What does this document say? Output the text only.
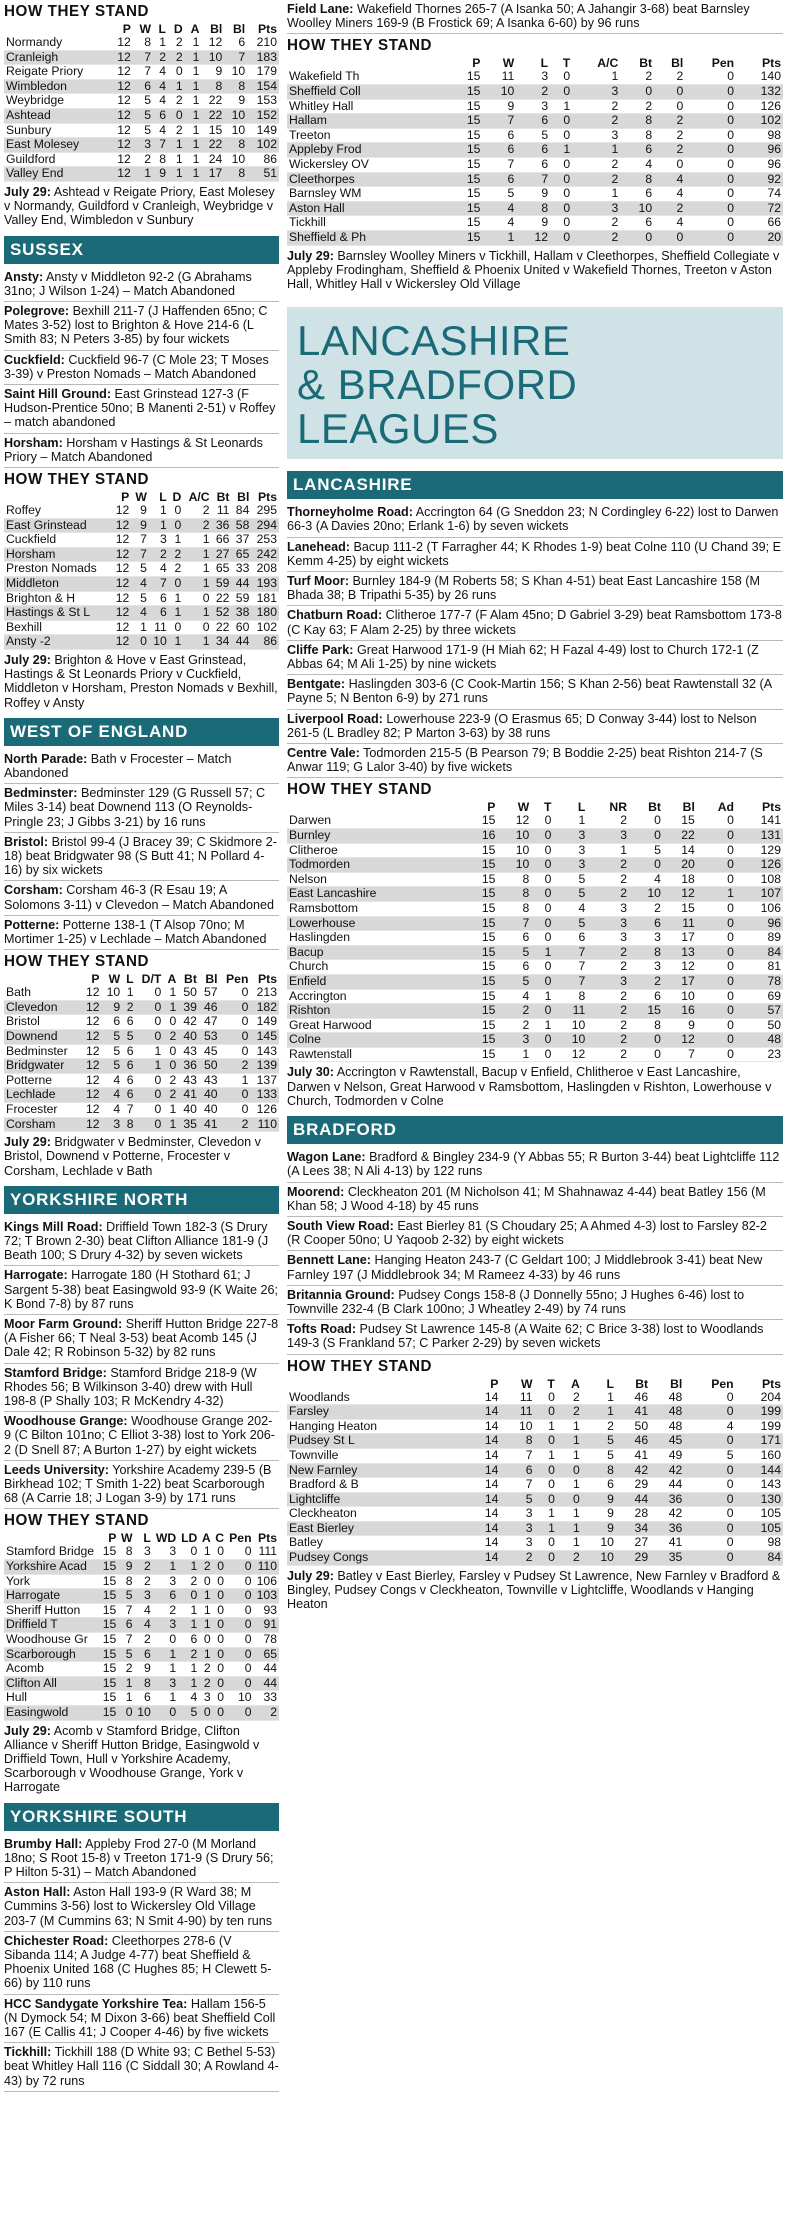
HOW THEY STAND
	P	W	L	D	A	Bl	Bl	Pts
Normandy	12	8	1	2	1	12	6	210
Cranleigh	12	7	2	2	1	10	7	183
Reigate Priory	12	7	4	0	1	9	10	179
Wimbledon	12	6	4	1	1	8	8	154
Weybridge	12	5	4	2	1	22	9	153
Ashtead	12	5	6	0	1	22	10	152
Sunbury	12	5	4	2	1	15	10	149
East Molesey	12	3	7	1	1	22	8	102
Guildford	12	2	8	1	1	24	10	86
Valley End	12	1	9	1	1	17	8	51
July 29: Ashtead v Reigate Priory, East Molesey v Normandy, Guildford v Cranleigh, Weybridge v Valley End, Wimbledon v Sunbury
SUSSEX
Ansty: Ansty v Middleton 92-2 (G Abrahams 31no; J Wilson 1-24) – Match Abandoned
Polegrove: Bexhill 211-7 (J Haffenden 65no; C Mates 3-52) lost to Brighton & Hove 214-6 (L Smith 83; N Peters 3-85) by four wickets
Cuckfield: Cuckfield 96-7 (C Mole 23; T Moses 3-39) v Preston Nomads – Match Abandoned
Saint Hill Ground: East Grinstead 127-3 (F Hudson-Prentice 50no; B Manenti 2-51) v Roffey – match abandoned
Horsham: Horsham v Hastings & St Leonards Priory – Match Abandoned
HOW THEY STAND
	P	W	L	D	A/C	Bt	Bl	Pts
Roffey	12	9	1	0	2	11	84	295
East Grinstead	12	9	1	0	2	36	58	294
Cuckfield	12	7	3	1	1	66	37	253
Horsham	12	7	2	2	1	27	65	242
Preston Nomads	12	5	4	2	1	65	33	208
Middleton	12	4	7	0	1	59	44	193
Brighton & H	12	5	6	1	0	22	59	181
Hastings & St L	12	4	6	1	1	52	38	180
Bexhill	12	1	11	0	0	22	60	102
Ansty -2	12	0	10	1	1	34	44	86
July 29: Brighton & Hove v East Grinstead, Hastings & St Leonards Priory v Cuckfield, Middleton v Horsham, Preston Nomads v Bexhill, Roffey v Ansty
WEST OF ENGLAND
North Parade: Bath v Frocester – Match Abandoned
Bedminster: Bedminster 129 (G Russell 57; C Miles 3-14) beat Downend 113 (O Reynolds-Pringle 23; J Gibbs 3-21) by 16 runs
Bristol: Bristol 99-4 (J Bracey 39; C Skidmore 2-18) beat Bridgwater 98 (S Butt 41; N Pollard 4-16) by six wickets
Corsham: Corsham 46-3 (R Esau 19; A Solomons 3-11) v Clevedon – Match Abandoned
Potterne: Potterne 138-1 (T Alsop 70no; M Mortimer 1-25) v Lechlade – Match Abandoned
HOW THEY STAND
	P	W	L	D/T	A	Bt	Bl	Pen	Pts
Bath	12	10	1	0	1	50	57	0	213
Clevedon	12	9	2	0	1	39	46	0	182
Bristol	12	6	6	0	0	42	47	0	149
Downend	12	5	5	0	2	40	53	0	145
Bedminster	12	5	6	1	0	43	45	0	143
Bridgwater	12	5	6	1	0	36	50	2	139
Potterne	12	4	6	0	2	43	43	1	137
Lechlade	12	4	6	0	2	41	40	0	133
Frocester	12	4	7	0	1	40	40	0	126
Corsham	12	3	8	0	1	35	41	2	110
July 29: Bridgwater v Bedminster, Clevedon v Bristol, Downend v Potterne, Frocester v Corsham, Lechlade v Bath
YORKSHIRE NORTH
Kings Mill Road: Driffield Town 182-3 (S Drury 72; T Brown 2-30) beat Clifton Alliance 181-9 (J Beath 100; S Drury 4-32) by seven wickets
Harrogate: Harrogate 180 (H Stothard 61; J Sargent 5-38) beat Easingwold 93-9 (K Waite 26; K Bond 7-8) by 87 runs
Moor Farm Ground: Sheriff Hutton Bridge 227-8 (A Fisher 66; T Neal 3-53) beat Acomb 145 (J Dale 42; R Robinson 5-32) by 82 runs
Stamford Bridge: Stamford Bridge 218-9 (W Rhodes 56; B Wilkinson 3-40) drew with Hull 198-8 (P Shally 103; R McKendry 4-32)
Woodhouse Grange: Woodhouse Grange 202-9 (C Bilton 101no; C Elliot 3-38) lost to York 206-2 (D Snell 87; A Burton 1-27) by eight wickets
Leeds University: Yorkshire Academy 239-5 (B Birkhead 102; T Smith 1-22) beat Scarborough 68 (A Carrie 18; J Logan 3-9) by 171 runs
HOW THEY STAND
	P	W	L	WD	LD	A	C	Pen	Pts
Stamford Bridge	15	8	3	3	0	1	0	0	111
Yorkshire Acad	15	9	2	1	1	2	0	0	110
York	15	8	2	3	2	0	0	0	106
Harrogate	15	5	3	6	0	1	0	0	103
Sheriff Hutton	15	7	4	2	1	1	0	0	93
Driffield T	15	6	4	3	1	1	0	0	91
Woodhouse Gr	15	7	2	0	6	0	0	0	78
Scarborough	15	5	6	1	2	1	0	0	65
Acomb	15	2	9	1	1	2	0	0	44
Clifton All	15	1	8	3	1	2	0	0	44
Hull	15	1	6	1	4	3	0	10	33
Easingwold	15	0	10	0	5	0	0	0	2
July 29: Acomb v Stamford Bridge, Clifton Alliance v Sheriff Hutton Bridge, Easingwold v Driffield Town, Hull v Yorkshire Academy, Scarborough v Woodhouse Grange, York v Harrogate
YORKSHIRE SOUTH
Brumby Hall: Appleby Frod 27-0 (M Morland 18no; S Root 15-8) v Treeton 171-9 (S Drury 56; P Hilton 5-31) – Match Abandoned
Aston Hall: Aston Hall 193-9 (R Ward 38; M Cummins 3-56) lost to Wickersley Old Village 203-7 (M Cummins 63; N Smit 4-90) by ten runs
Chichester Road: Cleethorpes 278-6 (V Sibanda 114; A Judge 4-77) beat Sheffield & Phoenix United 168 (C Hughes 85; H Clewett 5-66) by 110 runs
HCC Sandygate Yorkshire Tea: Hallam 156-5 (N Dymock 54; M Dixon 3-66) beat Sheffield Coll 167 (E Callis 41; J Cooper 4-46) by five wickets
Tickhill: Tickhill 188 (D White 93; C Bethel 5-53) beat Whitley Hall 116 (C Siddall 30; A Rowland 4-43) by 72 runs
Field Lane: Wakefield Thornes 265-7 (A Isanka 50; A Jahangir 3-68) beat Barnsley Woolley Miners 169-9 (B Frostick 69; A Isanka 6-60) by 96 runs
HOW THEY STAND
	P	W	L	T	A/C	Bt	Bl	Pen	Pts
Wakefield Th	15	11	3	0	1	2	2	0	140
Sheffield Coll	15	10	2	0	3	0	0	0	132
Whitley Hall	15	9	3	1	2	2	0	0	126
Hallam	15	7	6	0	2	8	2	0	102
Treeton	15	6	5	0	3	8	2	0	98
Appleby Frod	15	6	6	1	1	6	2	0	96
Wickersley OV	15	7	6	0	2	4	0	0	96
Cleethorpes	15	6	7	0	2	8	4	0	92
Barnsley WM	15	5	9	0	1	6	4	0	74
Aston Hall	15	4	8	0	3	10	2	0	72
Tickhill	15	4	9	0	2	6	4	0	66
Sheffield & Ph	15	1	12	0	2	0	0	0	20
July 29: Barnsley Woolley Miners v Tickhill, Hallam v Cleethorpes, Sheffield Collegiate v Appleby Frodingham, Sheffield & Phoenix United v Wakefield Thornes, Treeton v Aston Hall, Whitley Hall v Wickersley Old Village
LANCASHIRE
& BRADFORD
LEAGUES
LANCASHIRE
Thorneyholme Road: Accrington 64 (G Sneddon 23; N Cordingley 6-22) lost to Darwen 66-3 (A Davies 20no; Erlank 1-6) by seven wickets
Lanehead: Bacup 111-2 (T Farragher 44; K Rhodes 1-9) beat Colne 110 (U Chand 39; E Kemm 4-25) by eight wickets
Turf Moor: Burnley 184-9 (M Roberts 58; S Khan 4-51) beat East Lancashire 158 (M Bhada 38; B Tripathi 5-35) by 26 runs
Chatburn Road: Clitheroe 177-7 (F Alam 45no; D Gabriel 3-29) beat Ramsbottom 173-8 (C Kay 63; F Alam 2-25) by three wickets
Cliffe Park: Great Harwood 171-9 (H Miah 62; H Fazal 4-49) lost to Church 172-1 (Z Abbas 64; M Ali 1-25) by nine wickets
Bentgate: Haslingden 303-6 (C Cook-Martin 156; S Khan 2-56) beat Rawtenstall 32 (A Payne 5; N Benton 6-9) by 271 runs
Liverpool Road: Lowerhouse 223-9 (O Erasmus 65; D Conway 3-44) lost to Nelson 261-5 (L Bradley 82; P Marton 3-63) by 38 runs
Centre Vale: Todmorden 215-5 (B Pearson 79; B Boddie 2-25) beat Rishton 214-7 (S Anwar 119; G Lalor 3-40) by five wickets
HOW THEY STAND
	P	W	T	L	NR	Bt	Bl	Ad	Pts
Darwen	15	12	0	1	2	0	15	0	141
Burnley	16	10	0	3	3	0	22	0	131
Clitheroe	15	10	0	3	1	5	14	0	129
Todmorden	15	10	0	3	2	0	20	0	126
Nelson	15	8	0	5	2	4	18	0	108
East Lancashire	15	8	0	5	2	10	12	1	107
Ramsbottom	15	8	0	4	3	2	15	0	106
Lowerhouse	15	7	0	5	3	6	11	0	96
Haslingden	15	6	0	6	3	3	17	0	89
Bacup	15	5	1	7	2	8	13	0	84
Church	15	6	0	7	2	3	12	0	81
Enfield	15	5	0	7	3	2	17	0	78
Accrington	15	4	1	8	2	6	10	0	69
Rishton	15	2	0	11	2	15	16	0	57
Great Harwood	15	2	1	10	2	8	9	0	50
Colne	15	3	0	10	2	0	12	0	48
Rawtenstall	15	1	0	12	2	0	7	0	23
July 30: Accrington v Rawtenstall, Bacup v Enfield, Chlitheroe v East Lancashire, Darwen v Nelson, Great Harwood v Ramsbottom, Haslingden v Rishton, Lowerhouse v Church, Todmorden v Colne
BRADFORD
Wagon Lane: Bradford & Bingley 234-9 (Y Abbas 55; R Burton 3-44) beat Lightcliffe 112 (A Lees 38; N Ali 4-13) by 122 runs
Moorend: Cleckheaton 201 (M Nicholson 41; M Shahnawaz 4-44) beat Batley 156 (M Khan 58; J Wood 4-18) by 45 runs
South View Road: East Bierley 81 (S Choudary 25; A Ahmed 4-3) lost to Farsley 82-2 (R Cooper 50no; U Yaqoob 2-32) by eight wickets
Bennett Lane: Hanging Heaton 243-7 (C Geldart 100; J Middlebrook 3-41) beat New Farnley 197 (J Middlebrook 34; M Rameez 4-33) by 46 runs
Britannia Ground: Pudsey Congs 158-8 (J Donnelly 55no; J Hughes 6-46) lost to Townville 232-4 (B Clark 100no; J Wheatley 2-49) by 74 runs
Tofts Road: Pudsey St Lawrence 145-8 (A Waite 62; C Brice 3-38) lost to Woodlands 149-3 (S Frankland 57; C Parker 2-29) by seven wickets
HOW THEY STAND
	P	W	T	A	L	Bt	Bl	Pen	Pts
Woodlands	14	11	0	2	1	46	48	0	204
Farsley	14	11	0	2	1	41	48	0	199
Hanging Heaton	14	10	1	1	2	50	48	4	199
Pudsey St L	14	8	0	1	5	46	45	0	171
Townville	14	7	1	1	5	41	49	5	160
New Farnley	14	6	0	0	8	42	42	0	144
Bradford & B	14	7	0	1	6	29	44	0	143
Lightcliffe	14	5	0	0	9	44	36	0	130
Cleckheaton	14	3	1	1	9	28	42	0	105
East Bierley	14	3	1	1	9	34	36	0	105
Batley	14	3	0	1	10	27	41	0	98
Pudsey Congs	14	2	0	2	10	29	35	0	84
July 29: Batley v East Bierley, Farsley v Pudsey St Lawrence, New Farnley v Bradford & Bingley, Pudsey Congs v Cleckheaton, Townville v Lightcliffe, Woodlands v Hanging Heaton
